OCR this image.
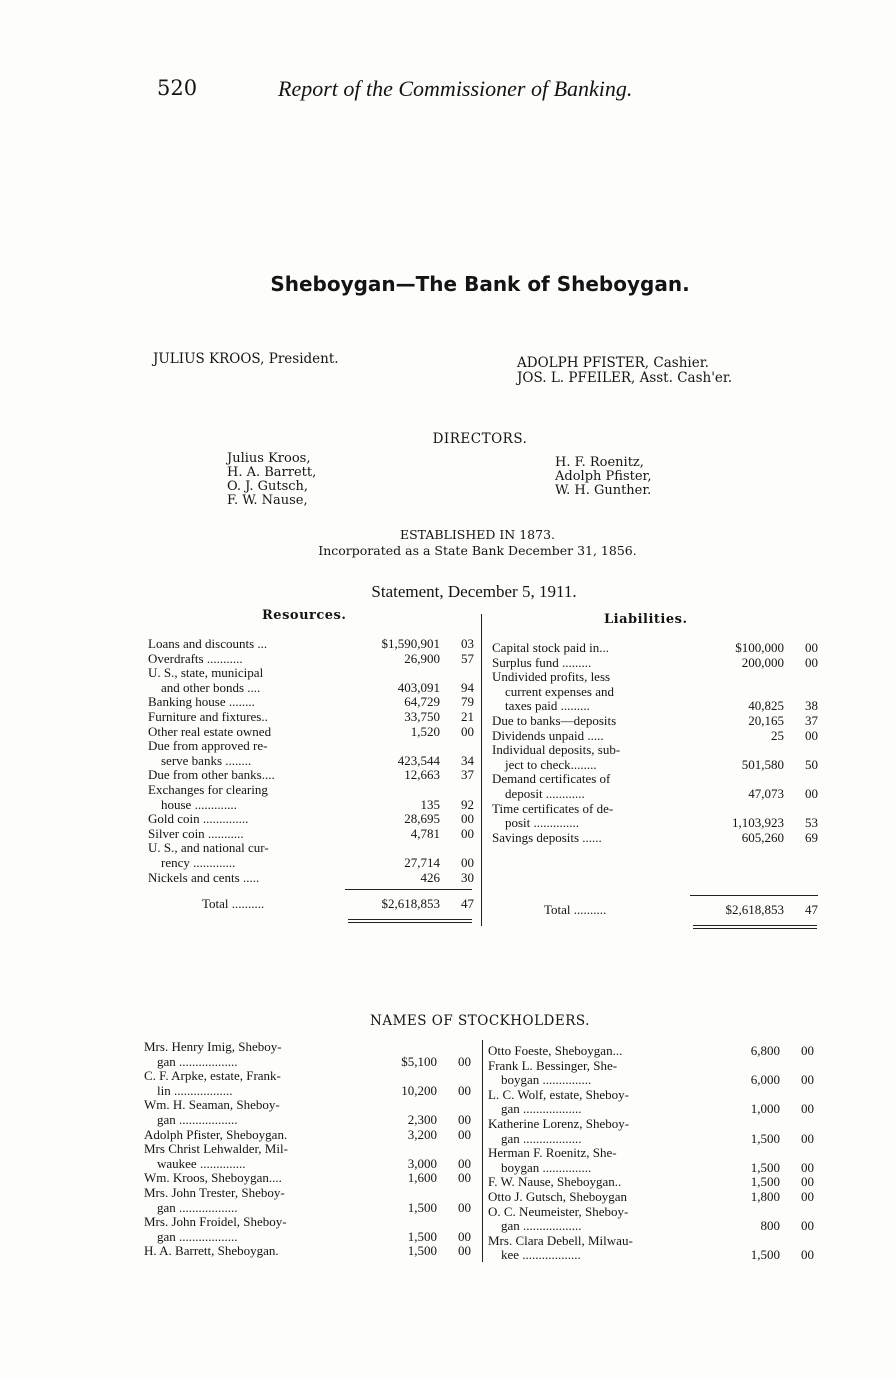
520	Report of the Commissioner of Banking.
Sheboygan—The Bank of Sheboygan.
JULIUS KROOS, President.	ADOLPH PFISTER, Cashier.
JOS. L. PFEILER, Asst. Cash'er.
DIRECTORS.
Julius Kroos,
H. A. Barrett,
O. J. Gutsch,
F. W. Nause,
H. F. Roenitz,
Adolph Pfister,
W. H. Gunther.
ESTABLISHED IN 1873.
Incorporated as a State Bank December 31, 1856.
Statement, December 5, 1911.
Resources.	Liabilities.
Loans and discounts ...	$1,590,901	03
Overdrafts ...........	26,900	57
U. S., state, municipal
and other bonds ....	403,091	94
Banking house ........	64,729	79
Furniture and fixtures..	33,750	21
Other real estate owned	1,520	00
Due from approved re-
serve banks ........	423,544	34
Due from other banks....	12,663	37
Exchanges for clearing
house .............	135	92
Gold coin ..............	28,695	00
Silver coin ...........	4,781	00
U. S., and national cur-
rency .............	27,714	00
Nickels and cents .....	426	30
Capital stock paid in...	$100,000	00
Surplus fund .........	200,000	00
Undivided profits, less
current expenses and
taxes paid .........	40,825	38
Due to banks—deposits	20,165	37
Dividends unpaid .....	25	00
Individual deposits, sub-
ject to check........	501,580	50
Demand certificates of
deposit ............	47,073	00
Time certificates of de-
posit ..............	1,103,923	53
Savings deposits ......	605,260	69
Total ..........	$2,618,853	47	Total ..........	$2,618,853	47
NAMES OF STOCKHOLDERS.
Mrs. Henry Imig, Sheboy-
gan ..................	$5,100	00
C. F. Arpke, estate, Frank-
lin ..................	10,200	00
Wm. H. Seaman, Sheboy-
gan ..................	2,300	00
Adolph Pfister, Sheboygan.	3,200	00
Mrs Christ Lehwalder, Mil-
waukee ..............	3,000	00
Wm. Kroos, Sheboygan....	1,600	00
Mrs. John Trester, Sheboy-
gan ..................	1,500	00
Mrs. John Froidel, Sheboy-
gan ..................	1,500	00
H. A. Barrett, Sheboygan.	1,500	00
Otto Foeste, Sheboygan...	6,800	00
Frank L. Bessinger, She-
boygan ...............	6,000	00
L. C. Wolf, estate, Sheboy-
gan ..................	1,000	00
Katherine Lorenz, Sheboy-
gan ..................	1,500	00
Herman F. Roenitz, She-
boygan ...............	1,500	00
F. W. Nause, Sheboygan..	1,500	00
Otto J. Gutsch, Sheboygan	1,800	00
O. C. Neumeister, Sheboy-
gan ..................	800	00
Mrs. Clara Debell, Milwau-
kee ..................	1,500	00
